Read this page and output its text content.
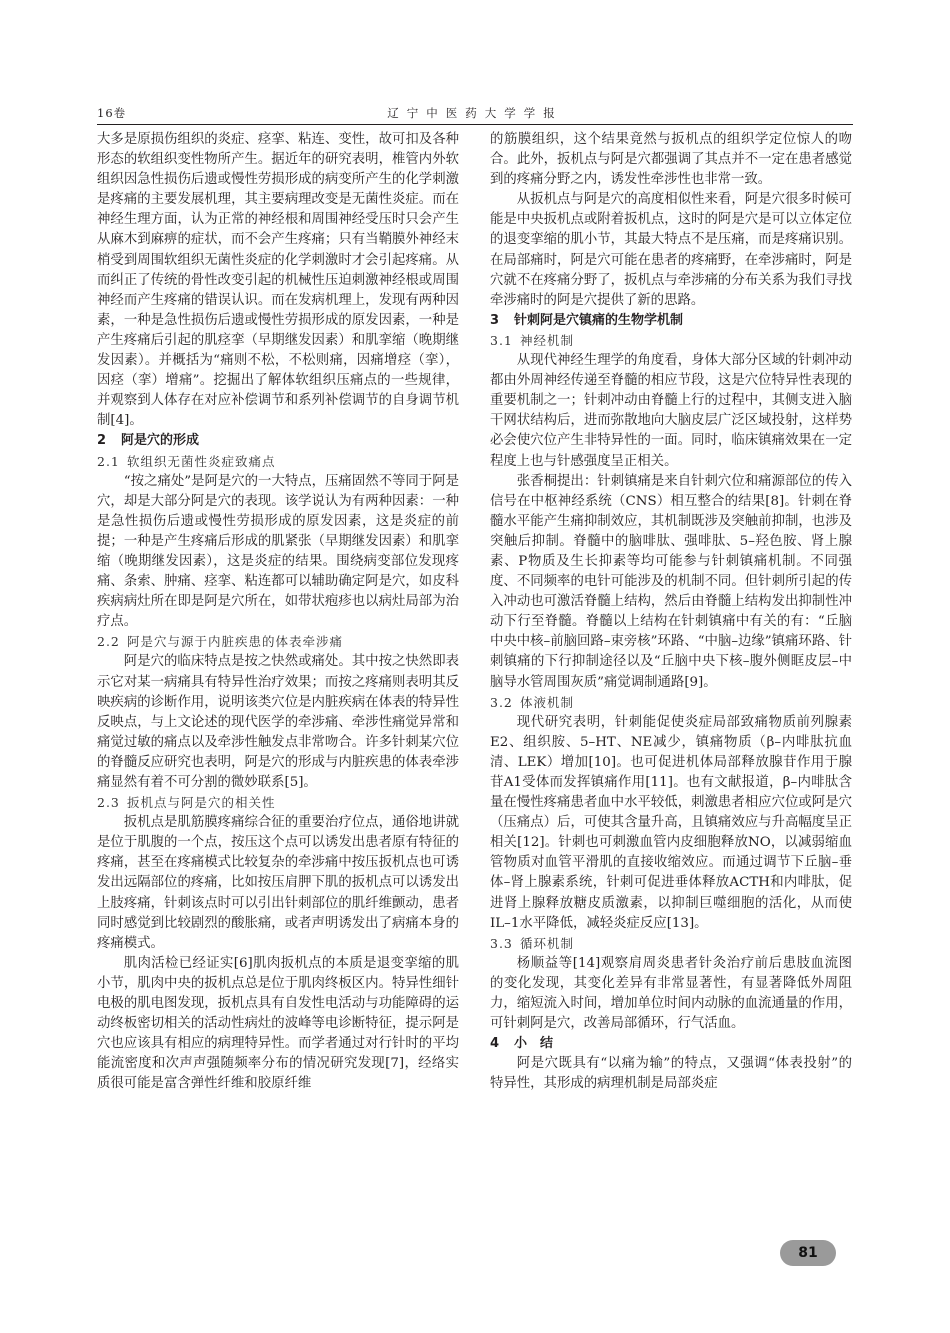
16卷	辽宁中医药大学学报
大多是原损伤组织的炎症、痉挛、粘连、变性，故可扣及各种形态的软组织变性物所产生。据近年的研究表明，椎管内外软组织因急性损伤后遗或慢性劳损形成的病变所产生的化学刺激是疼痛的主要发展机理，其主要病理改变是无菌性炎症。而在神经生理方面，认为正常的神经根和周围神经受压时只会产生从麻木到麻痹的症状，而不会产生疼痛；只有当鞘膜外神经末梢受到周围软组织无菌性炎症的化学刺激时才会引起疼痛。从而纠正了传统的骨性改变引起的机械性压迫刺激神经根或周围神经而产生疼痛的错误认识。而在发病机理上，发现有两种因素，一种是急性损伤后遗或慢性劳损形成的原发因素，一种是产生疼痛后引起的肌痉挛（早期继发因素）和肌挛缩（晚期继发因素）。并概括为“痛则不松，不松则痛，因痛增痉（挛），因痉（挛）增痛”。挖掘出了解体软组织压痛点的一些规律，并观察到人体存在对应补偿调节和系列补偿调节的自身调节机制[4]。
2 阿是穴的形成
2.1 软组织无菌性炎症致痛点
“按之痛处”是阿是穴的一大特点，压痛固然不等同于阿是穴，却是大部分阿是穴的表现。该学说认为有两种因素：一种是急性损伤后遗或慢性劳损形成的原发因素，这是炎症的前提；一种是产生疼痛后形成的肌紧张（早期继发因素）和肌挛缩（晚期继发因素），这是炎症的结果。围绕病变部位发现疼痛、条索、肿痛、痉挛、粘连都可以辅助确定阿是穴，如皮科疾病病灶所在即是阿是穴所在，如带状疱疹也以病灶局部为治疗点。
2.2 阿是穴与源于内脏疾患的体表牵涉痛
阿是穴的临床特点是按之快然或痛处。其中按之快然即表示它对某一病痛具有特异性治疗效果；而按之疼痛则表明其反映疾病的诊断作用，说明该类穴位是内脏疾病在体表的特异性反映点，与上文论述的现代医学的牵涉痛、牵涉性痛觉异常和痛觉过敏的痛点以及牵涉性触发点非常吻合。许多针刺某穴位的脊髓反应研究也表明，阿是穴的形成与内脏疾患的体表牵涉痛显然有着不可分割的微妙联系[5]。
2.3 扳机点与阿是穴的相关性
扳机点是肌筋膜疼痛综合征的重要治疗位点，通俗地讲就是位于肌腹的一个点，按压这个点可以诱发出患者原有特征的疼痛，甚至在疼痛模式比较复杂的牵涉痛中按压扳机点也可诱发出远隔部位的疼痛，比如按压肩胛下肌的扳机点可以诱发出上肢疼痛，针刺该点时可以引出针刺部位的肌纤维颤动，患者同时感觉到比较剧烈的酸胀痛，或者声明诱发出了病痛本身的疼痛模式。
肌肉活检已经证实[6]肌肉扳机点的本质是退变挛缩的肌小节，肌肉中央的扳机点总是位于肌肉终板区内。特异性细针电极的肌电图发现，扳机点具有自发性电活动与功能障碍的运动终板密切相关的活动性病灶的波峰等电诊断特征，提示阿是穴也应该具有相应的病理特异性。而学者通过对行针时的平均能流密度和次声声强随频率分布的情况研究发现[7]，经络实质很可能是富含弹性纤维和胶原纤维
的筋膜组织，这个结果竟然与扳机点的组织学定位惊人的吻合。此外，扳机点与阿是穴都强调了其点并不一定在患者感觉到的疼痛分野之内，诱发性牵涉性也非常一致。
从扳机点与阿是穴的高度相似性来看，阿是穴很多时候可能是中央扳机点或附着扳机点，这时的阿是穴是可以立体定位的退变挛缩的肌小节，其最大特点不是压痛，而是疼痛识别。在局部痛时，阿是穴可能在患者的疼痛野，在牵涉痛时，阿是穴就不在疼痛分野了，扳机点与牵涉痛的分布关系为我们寻找牵涉痛时的阿是穴提供了新的思路。
3 针刺阿是穴镇痛的生物学机制
3.1 神经机制
从现代神经生理学的角度看，身体大部分区域的针刺冲动都由外周神经传递至脊髓的相应节段，这是穴位特异性表现的重要机制之一；针刺冲动由脊髓上行的过程中，其侧支进入脑干网状结构后，进而弥散地向大脑皮层广泛区域投射，这样势必会使穴位产生非特异性的一面。同时，临床镇痛效果在一定程度上也与针感强度呈正相关。
张香桐提出：针刺镇痛是来自针刺穴位和痛源部位的传入信号在中枢神经系统（CNS）相互整合的结果[8]。针刺在脊髓水平能产生痛抑制效应，其机制既涉及突触前抑制，也涉及突触后抑制。脊髓中的脑啡肽、强啡肽、5–羟色胺、肾上腺素、P物质及生长抑素等均可能参与针刺镇痛机制。不同强度、不同频率的电针可能涉及的机制不同。但针刺所引起的传入冲动也可激活脊髓上结构，然后由脊髓上结构发出抑制性冲动下行至脊髓。脊髓以上结构在针刺镇痛中有关的有：“丘脑中央中核–前脑回路–束旁核”环路、“中脑–边缘”镇痛环路、针刺镇痛的下行抑制途径以及“丘脑中央下核–腹外侧眶皮层–中脑导水管周围灰质”痛觉调制通路[9]。
3.2 体液机制
现代研究表明，针刺能促使炎症局部致痛物质前列腺素E2、组织胺、5–HT、NE减少，镇痛物质（β–内啡肽抗血清、LEK）增加[10]。也可促进机体局部释放腺苷作用于腺苷A1受体而发挥镇痛作用[11]。也有文献报道，β–内啡肽含量在慢性疼痛患者血中水平较低，刺激患者相应穴位或阿是穴（压痛点）后，可使其含量升高，且镇痛效应与升高幅度呈正相关[12]。针刺也可刺激血管内皮细胞释放NO，以减弱缩血管物质对血管平滑肌的直接收缩效应。而通过调节下丘脑–垂体–肾上腺素系统，针刺可促进垂体释放ACTH和内啡肽，促进肾上腺释放糖皮质激素，以抑制巨噬细胞的活化，从而使IL–1水平降低，减轻炎症反应[13]。
3.3 循环机制
杨顺益等[14]观察肩周炎患者针灸治疗前后患肢血流图的变化发现，其变化差异有非常显著性，有显著降低外周阻力，缩短流入时间，增加单位时间内动脉的血流通量的作用，可针刺阿是穴，改善局部循环，行气活血。
4 小　结
阿是穴既具有“以痛为输”的特点，又强调“体表投射”的特异性，其形成的病理机制是局部炎症
81
